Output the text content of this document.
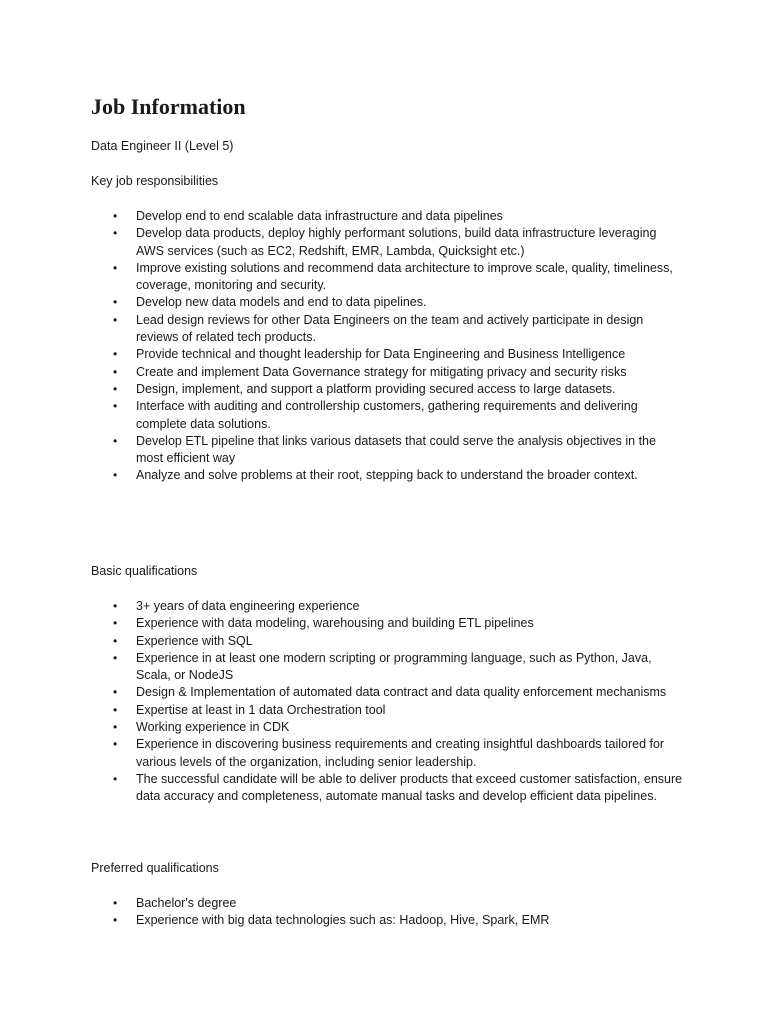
Job Information

Data Engineer II (Level 5)

Key job responsibilities

• Develop end to end scalable data infrastructure and data pipelines
• Develop data products, deploy highly performant solutions, build data infrastructure leveraging AWS services (such as EC2, Redshift, EMR, Lambda, Quicksight etc.)
• Improve existing solutions and recommend data architecture to improve scale, quality, timeliness, coverage, monitoring and security.
• Develop new data models and end to data pipelines.
• Lead design reviews for other Data Engineers on the team and actively participate in design reviews of related tech products.
• Provide technical and thought leadership for Data Engineering and Business Intelligence
• Create and implement Data Governance strategy for mitigating privacy and security risks
• Design, implement, and support a platform providing secured access to large datasets.
• Interface with auditing and controllership customers, gathering requirements and delivering complete data solutions.
• Develop ETL pipeline that links various datasets that could serve the analysis objectives in the most efficient way
• Analyze and solve problems at their root, stepping back to understand the broader context.

Basic qualifications

• 3+ years of data engineering experience
• Experience with data modeling, warehousing and building ETL pipelines
• Experience with SQL
• Experience in at least one modern scripting or programming language, such as Python, Java, Scala, or NodeJS
• Design & Implementation of automated data contract and data quality enforcement mechanisms
• Expertise at least in 1 data Orchestration tool
• Working experience in CDK
• Experience in discovering business requirements and creating insightful dashboards tailored for various levels of the organization, including senior leadership.
• The successful candidate will be able to deliver products that exceed customer satisfaction, ensure data accuracy and completeness, automate manual tasks and develop efficient data pipelines.

Preferred qualifications

• Bachelor's degree
• Experience with big data technologies such as: Hadoop, Hive, Spark, EMR
